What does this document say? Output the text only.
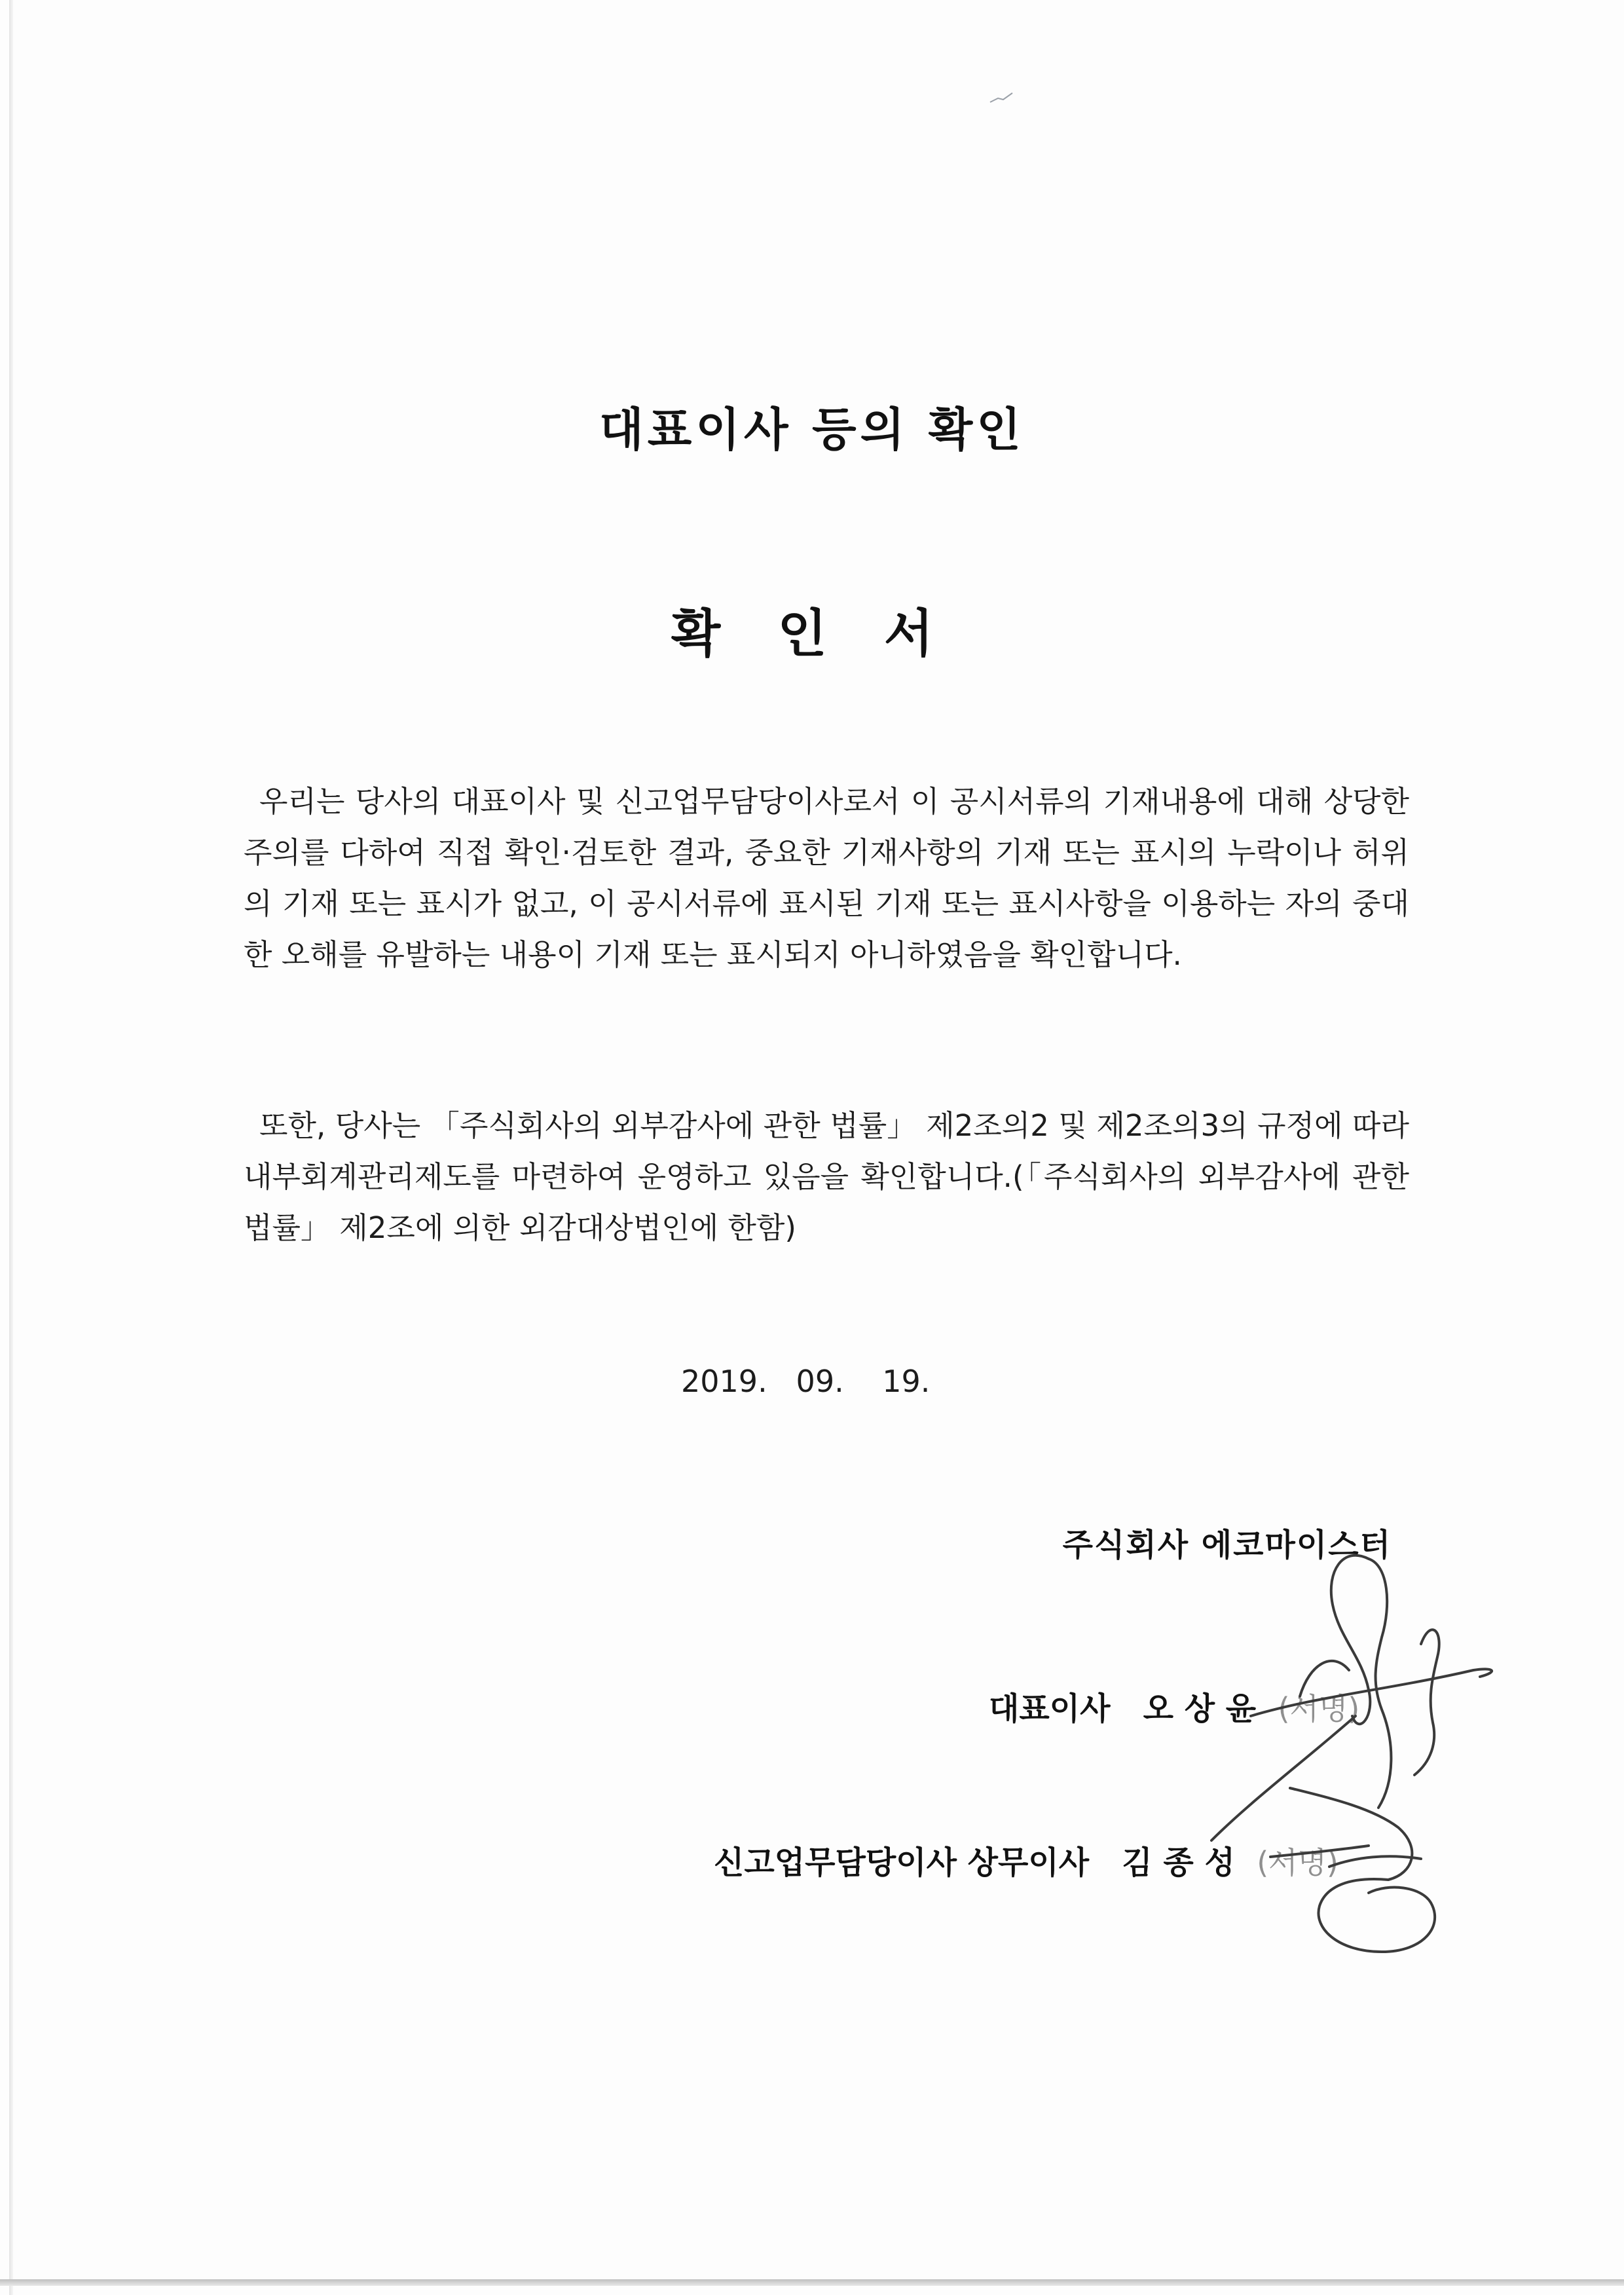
대표이사 등의 확인
확 인 서

우리는 당사의 대표이사 및 신고업무담당이사로서 이 공시서류의 기재내용에 대해 상당한 주의를 다하여 직접 확인·검토한 결과, 중요한 기재사항의 기재 또는 표시의 누락이나 허위의 기재 또는 표시가 없고, 이 공시서류에 표시된 기재 또는 표시사항을 이용하는 자의 중대한 오해를 유발하는 내용이 기재 또는 표시되지 아니하였음을 확인합니다.

또한, 당사는 「주식회사의 외부감사에 관한 법률」 제2조의2 및 제2조의3의 규정에 따라 내부회계관리제도를 마련하여 운영하고 있음을 확인합니다.(「주식회사의 외부감사에 관한 법률」 제2조에 의한 외감대상법인에 한함)

2019.   09.    19.
주식회사 에코마이스터
대표이사 오 상 윤 (서명)
신고업무담당이사 상무이사 김 종 성 (서명)
